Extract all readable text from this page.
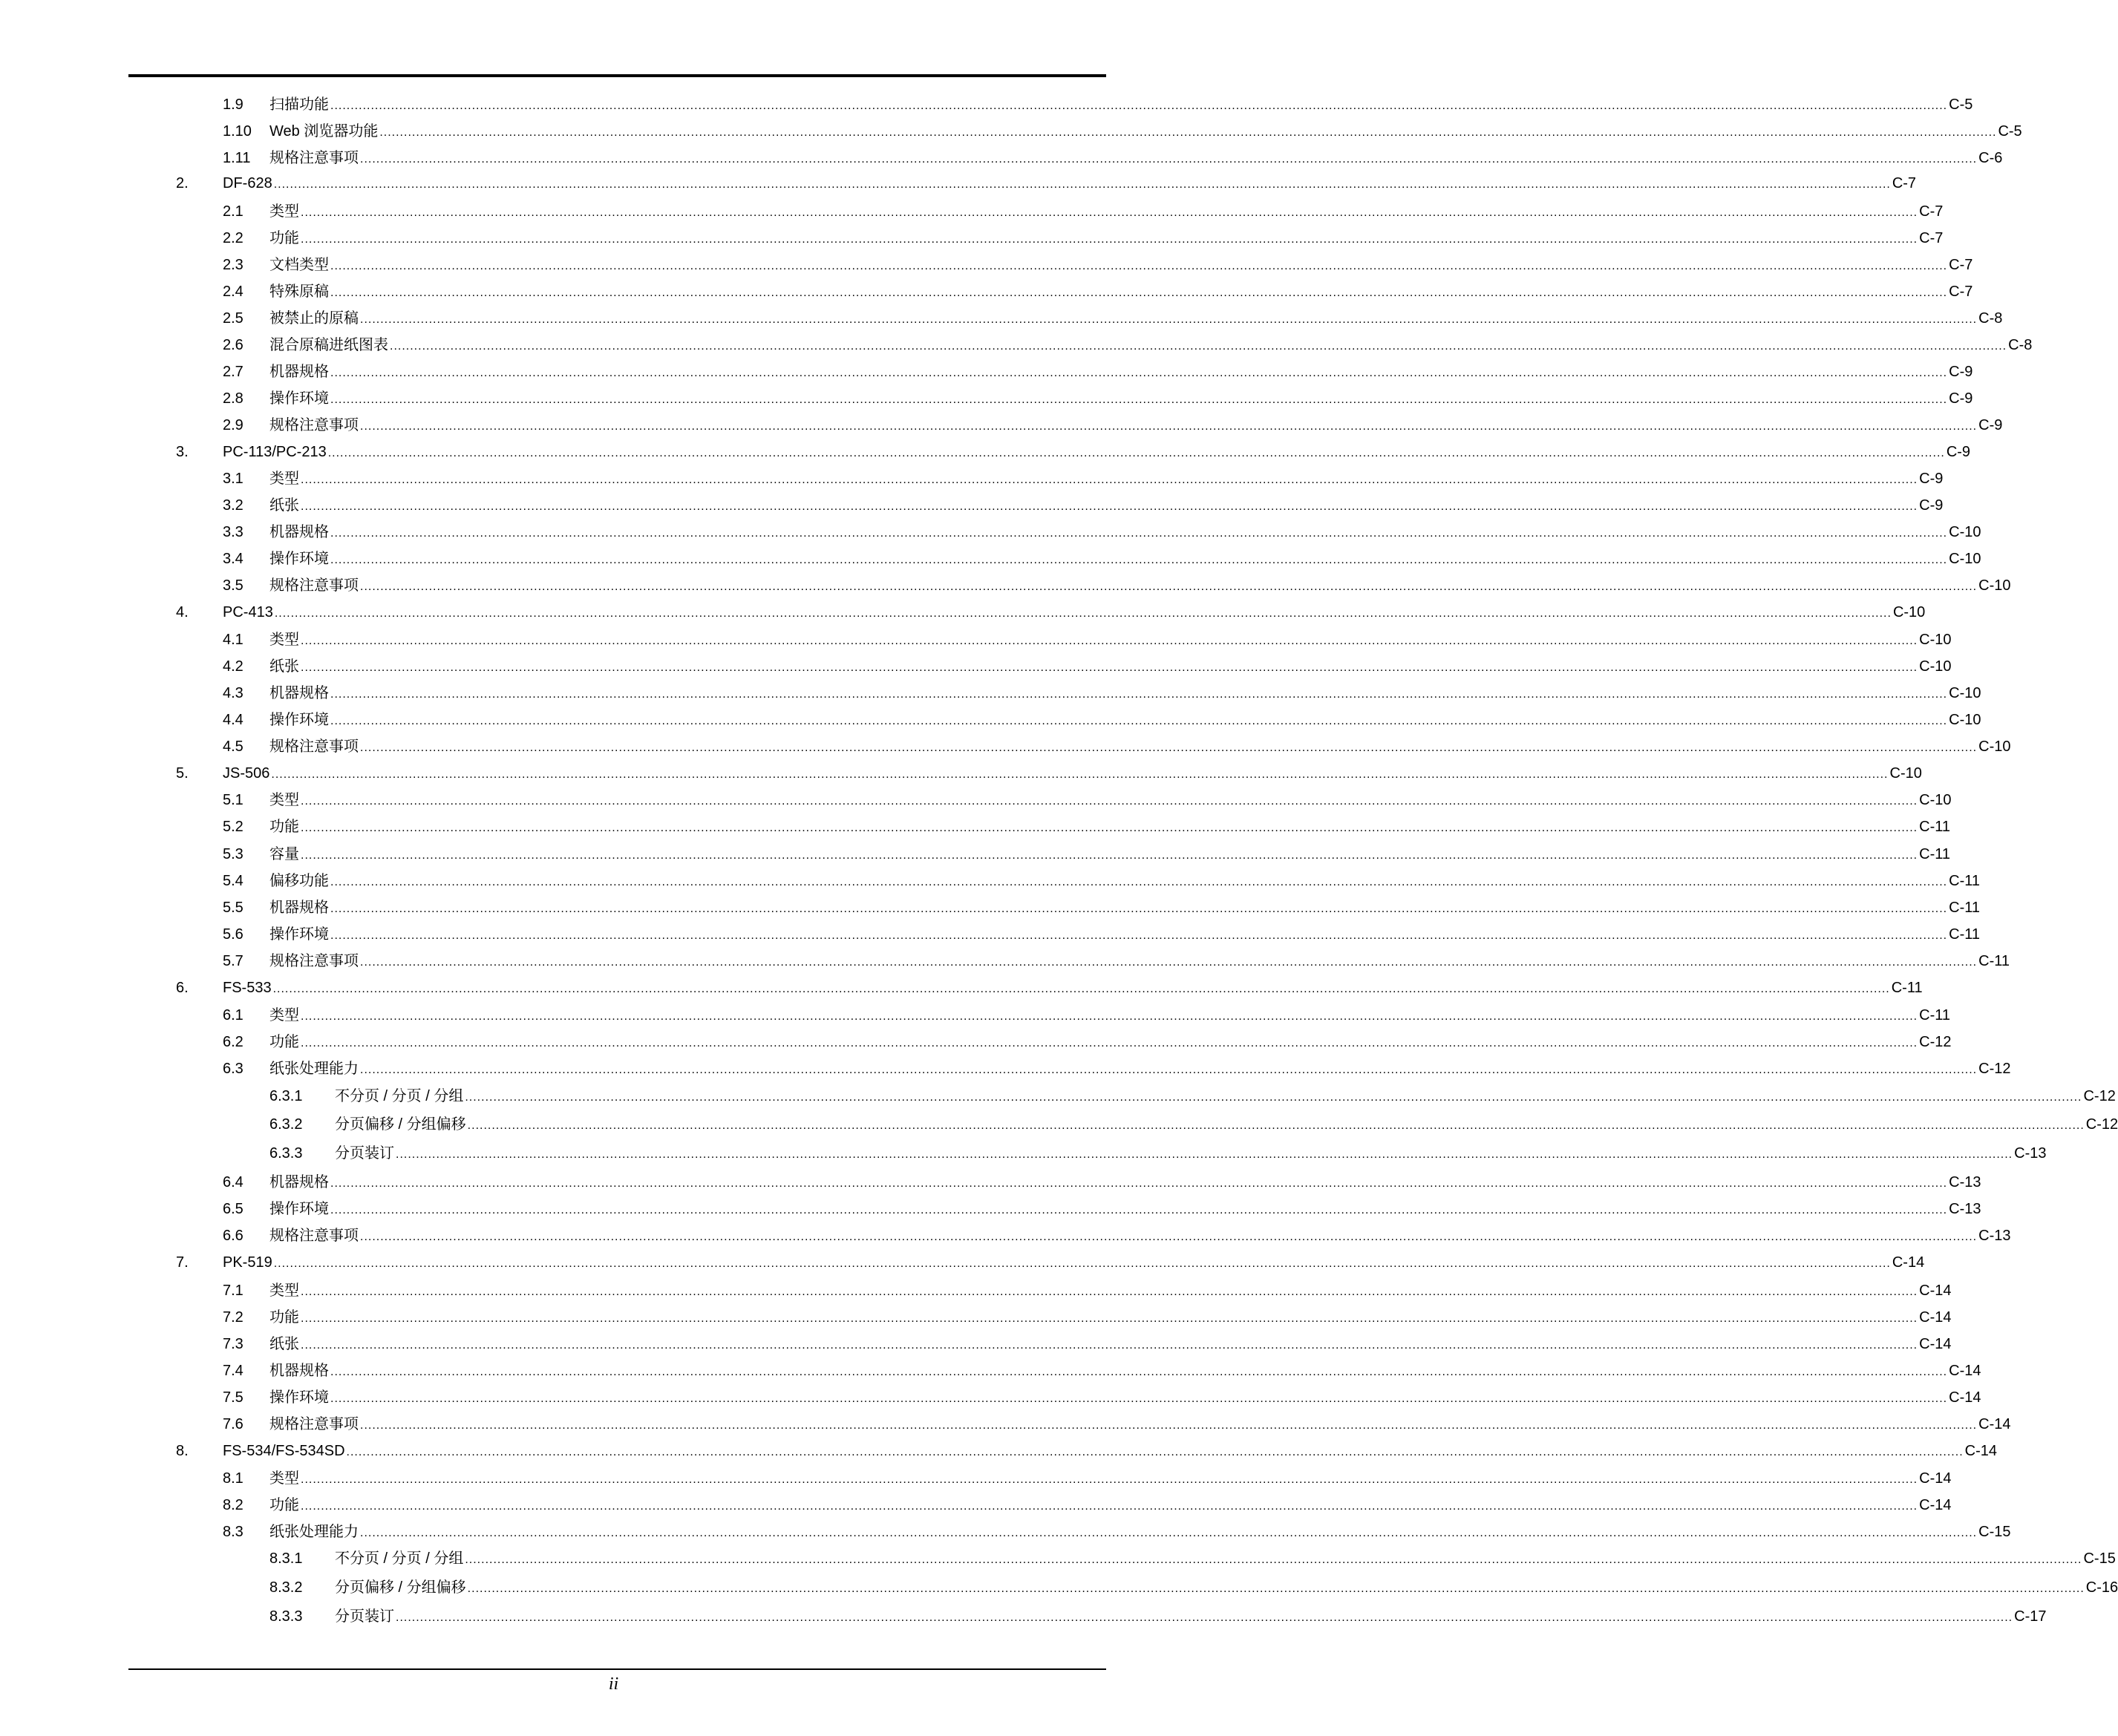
1.9	扫描功能 ................................................................................................................................................................................................................................................................................................................................................................................................................ C-5
1.10	Web 浏览器功能 ................................................................................................................................................................................................................................................................................................................................................................................................................ C-5
1.11	规格注意事项 ................................................................................................................................................................................................................................................................................................................................................................................................................ C-6
2.	DF-628 ................................................................................................................................................................................................................................................................................................................................................................................................................ C-7
2.1	类型 ................................................................................................................................................................................................................................................................................................................................................................................................................ C-7
2.2	功能 ................................................................................................................................................................................................................................................................................................................................................................................................................ C-7
2.3	文档类型 ................................................................................................................................................................................................................................................................................................................................................................................................................ C-7
2.4	特殊原稿 ................................................................................................................................................................................................................................................................................................................................................................................................................ C-7
2.5	被禁止的原稿 ................................................................................................................................................................................................................................................................................................................................................................................................................ C-8
2.6	混合原稿进纸图表 ................................................................................................................................................................................................................................................................................................................................................................................................................ C-8
2.7	机器规格 ................................................................................................................................................................................................................................................................................................................................................................................................................ C-9
2.8	操作环境 ................................................................................................................................................................................................................................................................................................................................................................................................................ C-9
2.9	规格注意事项 ................................................................................................................................................................................................................................................................................................................................................................................................................ C-9
3.	PC-113/PC-213 ................................................................................................................................................................................................................................................................................................................................................................................................................ C-9
3.1	类型 ................................................................................................................................................................................................................................................................................................................................................................................................................ C-9
3.2	纸张 ................................................................................................................................................................................................................................................................................................................................................................................................................ C-9
3.3	机器规格 ................................................................................................................................................................................................................................................................................................................................................................................................................ C-10
3.4	操作环境 ................................................................................................................................................................................................................................................................................................................................................................................................................ C-10
3.5	规格注意事项 ................................................................................................................................................................................................................................................................................................................................................................................................................ C-10
4.	PC-413 ................................................................................................................................................................................................................................................................................................................................................................................................................ C-10
4.1	类型 ................................................................................................................................................................................................................................................................................................................................................................................................................ C-10
4.2	纸张 ................................................................................................................................................................................................................................................................................................................................................................................................................ C-10
4.3	机器规格 ................................................................................................................................................................................................................................................................................................................................................................................................................ C-10
4.4	操作环境 ................................................................................................................................................................................................................................................................................................................................................................................................................ C-10
4.5	规格注意事项 ................................................................................................................................................................................................................................................................................................................................................................................................................ C-10
5.	JS-506 ................................................................................................................................................................................................................................................................................................................................................................................................................ C-10
5.1	类型 ................................................................................................................................................................................................................................................................................................................................................................................................................ C-10
5.2	功能 ................................................................................................................................................................................................................................................................................................................................................................................................................ C-11
5.3	容量 ................................................................................................................................................................................................................................................................................................................................................................................................................ C-11
5.4	偏移功能 ................................................................................................................................................................................................................................................................................................................................................................................................................ C-11
5.5	机器规格 ................................................................................................................................................................................................................................................................................................................................................................................................................ C-11
5.6	操作环境 ................................................................................................................................................................................................................................................................................................................................................................................................................ C-11
5.7	规格注意事项 ................................................................................................................................................................................................................................................................................................................................................................................................................ C-11
6.	FS-533 ................................................................................................................................................................................................................................................................................................................................................................................................................ C-11
6.1	类型 ................................................................................................................................................................................................................................................................................................................................................................................................................ C-11
6.2	功能 ................................................................................................................................................................................................................................................................................................................................................................................................................ C-12
6.3	纸张处理能力 ................................................................................................................................................................................................................................................................................................................................................................................................................ C-12
6.3.1	不分页 / 分页 / 分组 ................................................................................................................................................................................................................................................................................................................................................................................................................ C-12
6.3.2	分页偏移 / 分组偏移 ................................................................................................................................................................................................................................................................................................................................................................................................................ C-12
6.3.3	分页装订 ................................................................................................................................................................................................................................................................................................................................................................................................................ C-13
6.4	机器规格 ................................................................................................................................................................................................................................................................................................................................................................................................................ C-13
6.5	操作环境 ................................................................................................................................................................................................................................................................................................................................................................................................................ C-13
6.6	规格注意事项 ................................................................................................................................................................................................................................................................................................................................................................................................................ C-13
7.	PK-519 ................................................................................................................................................................................................................................................................................................................................................................................................................ C-14
7.1	类型 ................................................................................................................................................................................................................................................................................................................................................................................................................ C-14
7.2	功能 ................................................................................................................................................................................................................................................................................................................................................................................................................ C-14
7.3	纸张 ................................................................................................................................................................................................................................................................................................................................................................................................................ C-14
7.4	机器规格 ................................................................................................................................................................................................................................................................................................................................................................................................................ C-14
7.5	操作环境 ................................................................................................................................................................................................................................................................................................................................................................................................................ C-14
7.6	规格注意事项 ................................................................................................................................................................................................................................................................................................................................................................................................................ C-14
8.	FS-534/FS-534SD ................................................................................................................................................................................................................................................................................................................................................................................................................ C-14
8.1	类型 ................................................................................................................................................................................................................................................................................................................................................................................................................ C-14
8.2	功能 ................................................................................................................................................................................................................................................................................................................................................................................................................ C-14
8.3	纸张处理能力 ................................................................................................................................................................................................................................................................................................................................................................................................................ C-15
8.3.1	不分页 / 分页 / 分组 ................................................................................................................................................................................................................................................................................................................................................................................................................ C-15
8.3.2	分页偏移 / 分组偏移 ................................................................................................................................................................................................................................................................................................................................................................................................................ C-16
8.3.3	分页装订 ................................................................................................................................................................................................................................................................................................................................................................................................................ C-17
ii
